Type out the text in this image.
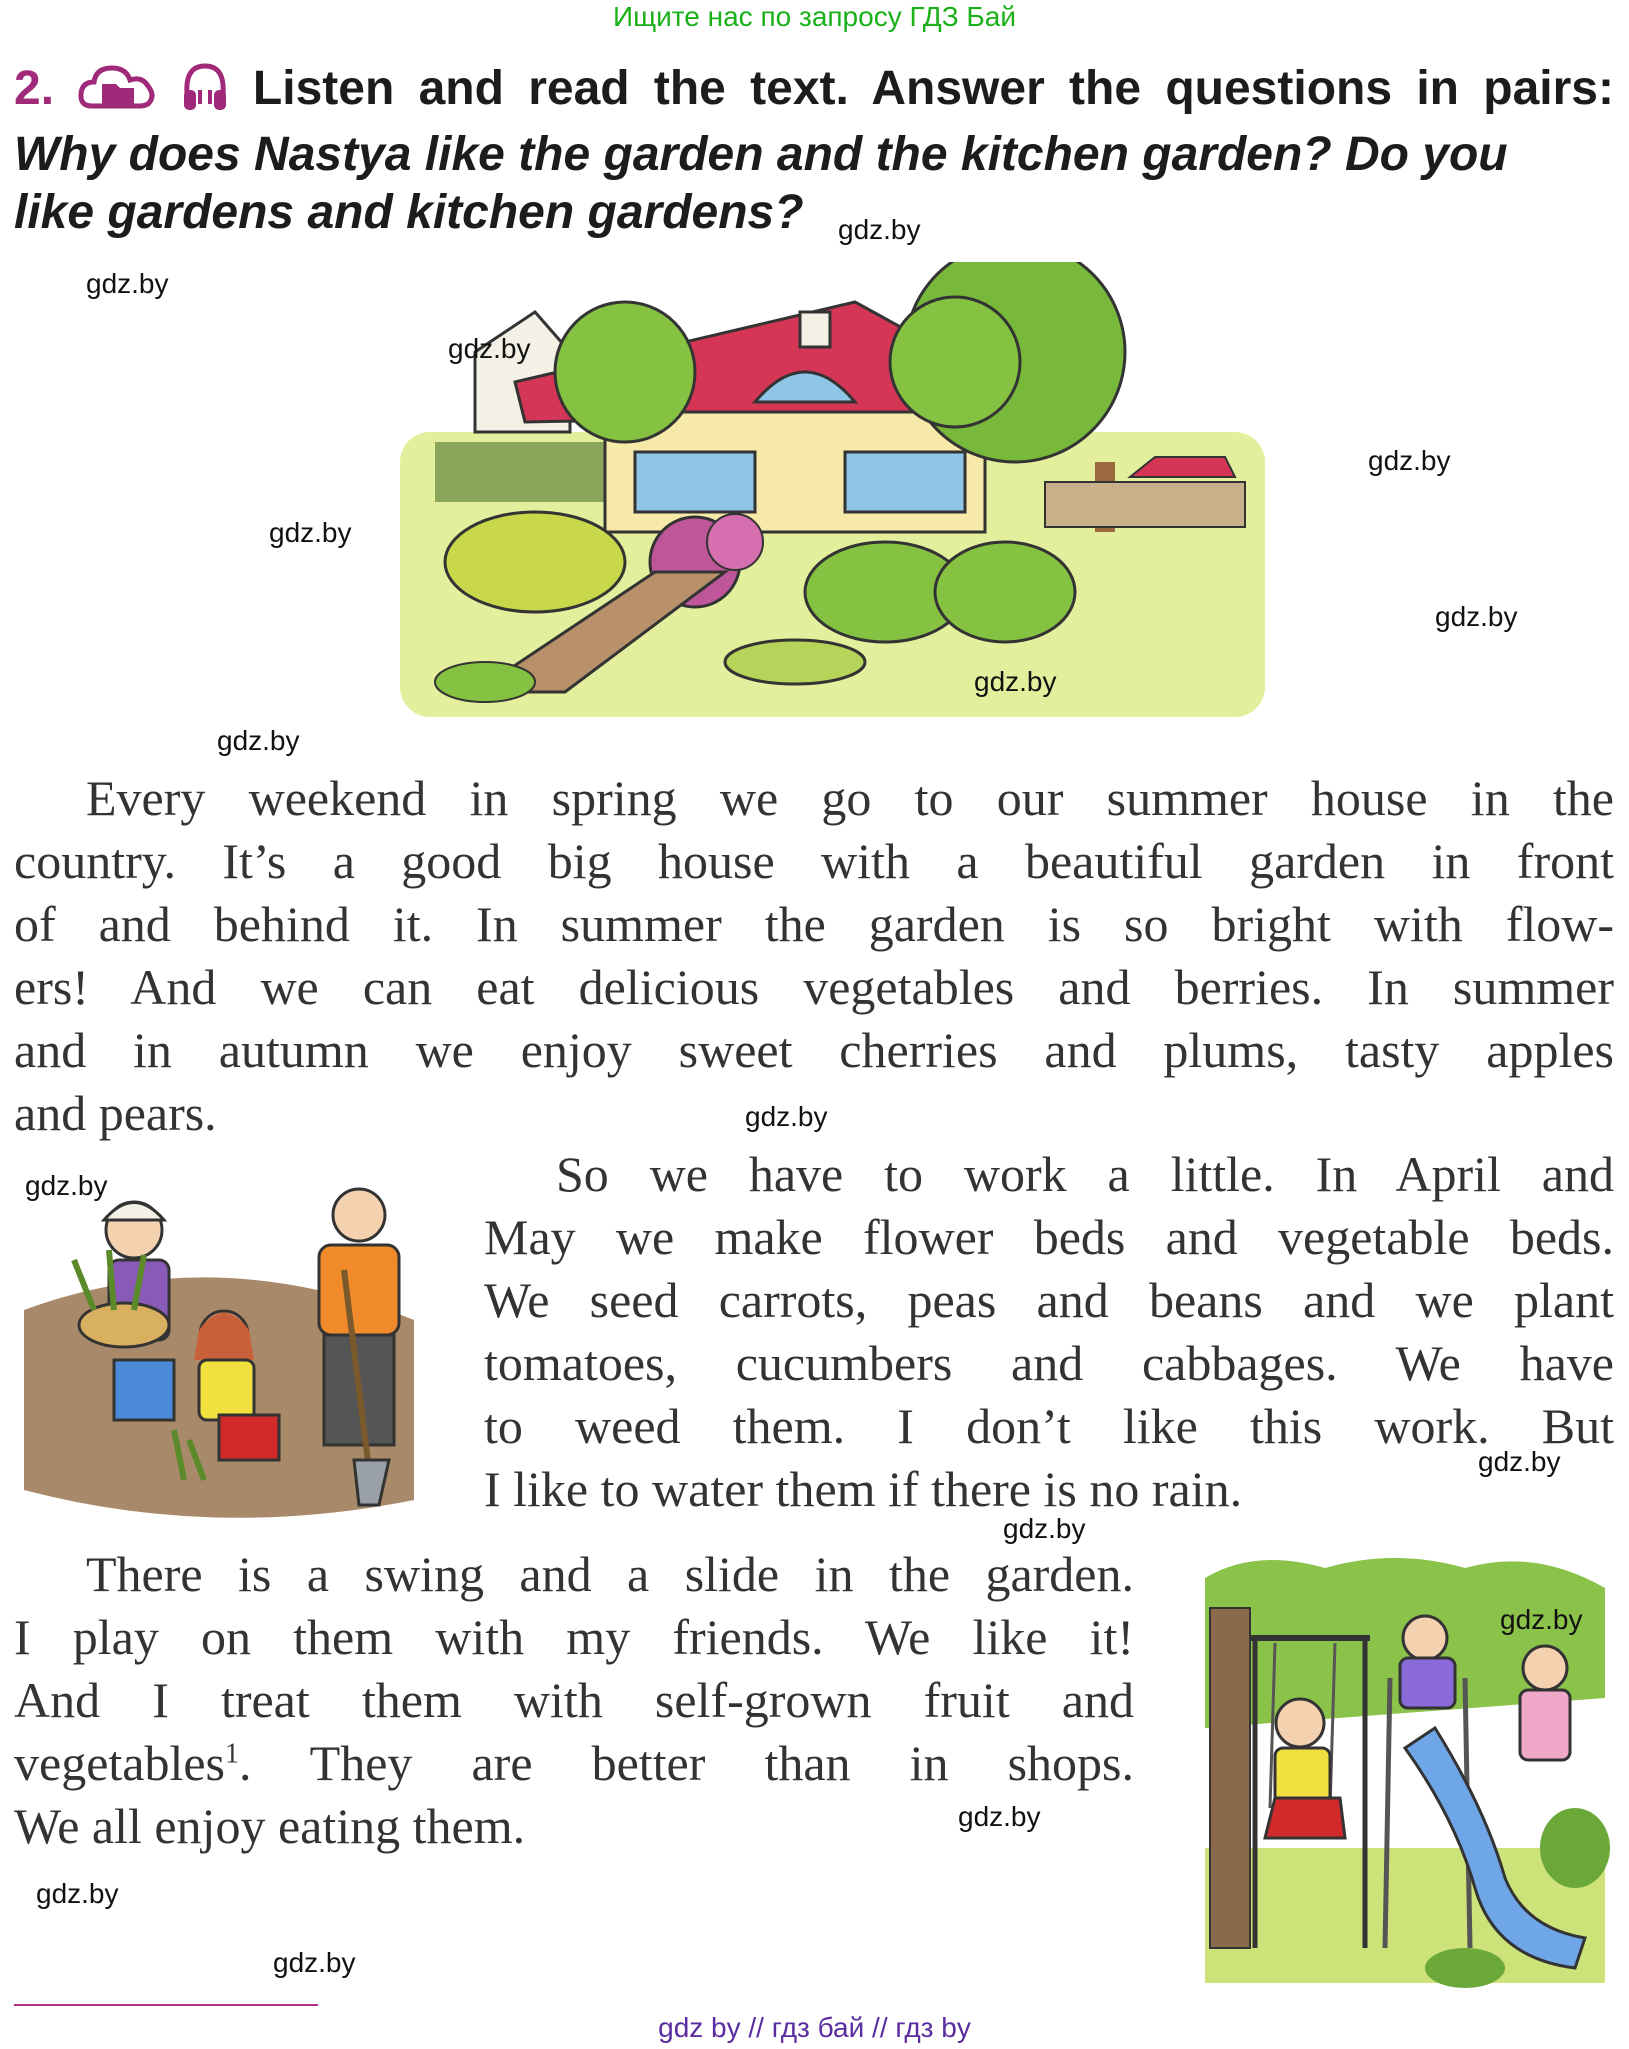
Ищите нас по запросу ГДЗ Бай
2.	Listen and read the text. Answer the questions in pairs:
Why does Nastya like the garden and the kitchen garden? Do you
like gardens and kitchen gardens?
Every weekend in spring we go to our summer house in the
country. It’s a good big house with a beautiful garden in front
of and behind it. In summer the garden is so bright with flow-
ers! And we can eat delicious vegetables and berries. In summer
and in autumn we enjoy sweet cherries and plums, tasty apples
and pears.
So we have to work a little. In April and
May we make flower beds and vegetable beds.
We seed carrots, peas and beans and we plant
tomatoes, cucumbers and cabbages. We have
to weed them. I don’t like this work. But
I like to water them if there is no rain.
There is a swing and a slide in the garden.
I play on them with my friends. We like it!
And I treat them with self-grown fruit and
vegetables$^1$. They are better than in shops.
We all enjoy eating them.
gdz.by
gdz.by
gdz.by
gdz.by
gdz.by
gdz.by
gdz.by
gdz.by
gdz.by
gdz.by
gdz.by
gdz.by
gdz.by
gdz.by
gdz.by
gdz.by
gdz by // гдз бай // гдз by
